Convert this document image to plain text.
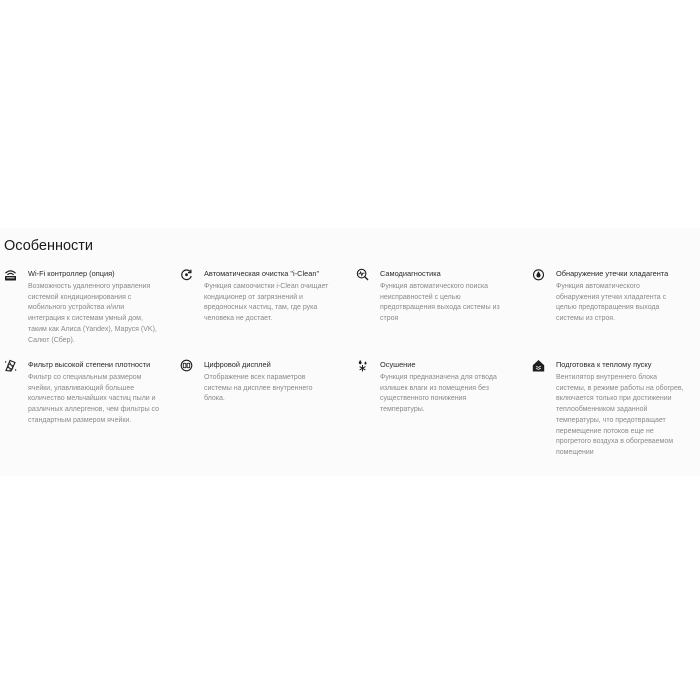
Особенности
Wi-Fi контроллер (опция)

Возможность удаленного управления
системой кондиционирования с
мобильного устройства и/или
интеграция к системам умный дом,
таким как Алиса (Yandex), Маруся (VK),
Салют (Сбер).

Автоматическая очистка "i-Clean"

Функция самоочистки i-Clean очищает
кондиционер от загрязнений и
вредоносных частиц, там, где рука
человека не достает.

Самодиагностика

Функция автоматического поиска
неисправностей с целью
предотвращения выхода системы из
строя

Обнаружение утечки хладагента

Функция автоматического
обнаружения утечки хладагента с
целью предотвращения выхода
системы из строя.

Фильтр высокой степени плотности

Фильтр со специальным размером
ячейки, улавливающий большее
количество мельчайших частиц пыли и
различных аллергенов, чем фильтры со
стандартным размером ячейки.

Цифровой дисплей

Отображение всех параметров
системы на дисплее внутреннего
блока.

Осушение

Функция предназначена для отвода
излишек влаги из помещения без
существенного понижения
температуры.

Подготовка к теплому пуску

Вентилятор внутреннего блока
системы, в режиме работы на обогрев,
включается только при достижении
теплообменником заданной
температуры, что предотвращает
перемещение потоков еще не
прогретого воздуха в обогреваемом
помещении
